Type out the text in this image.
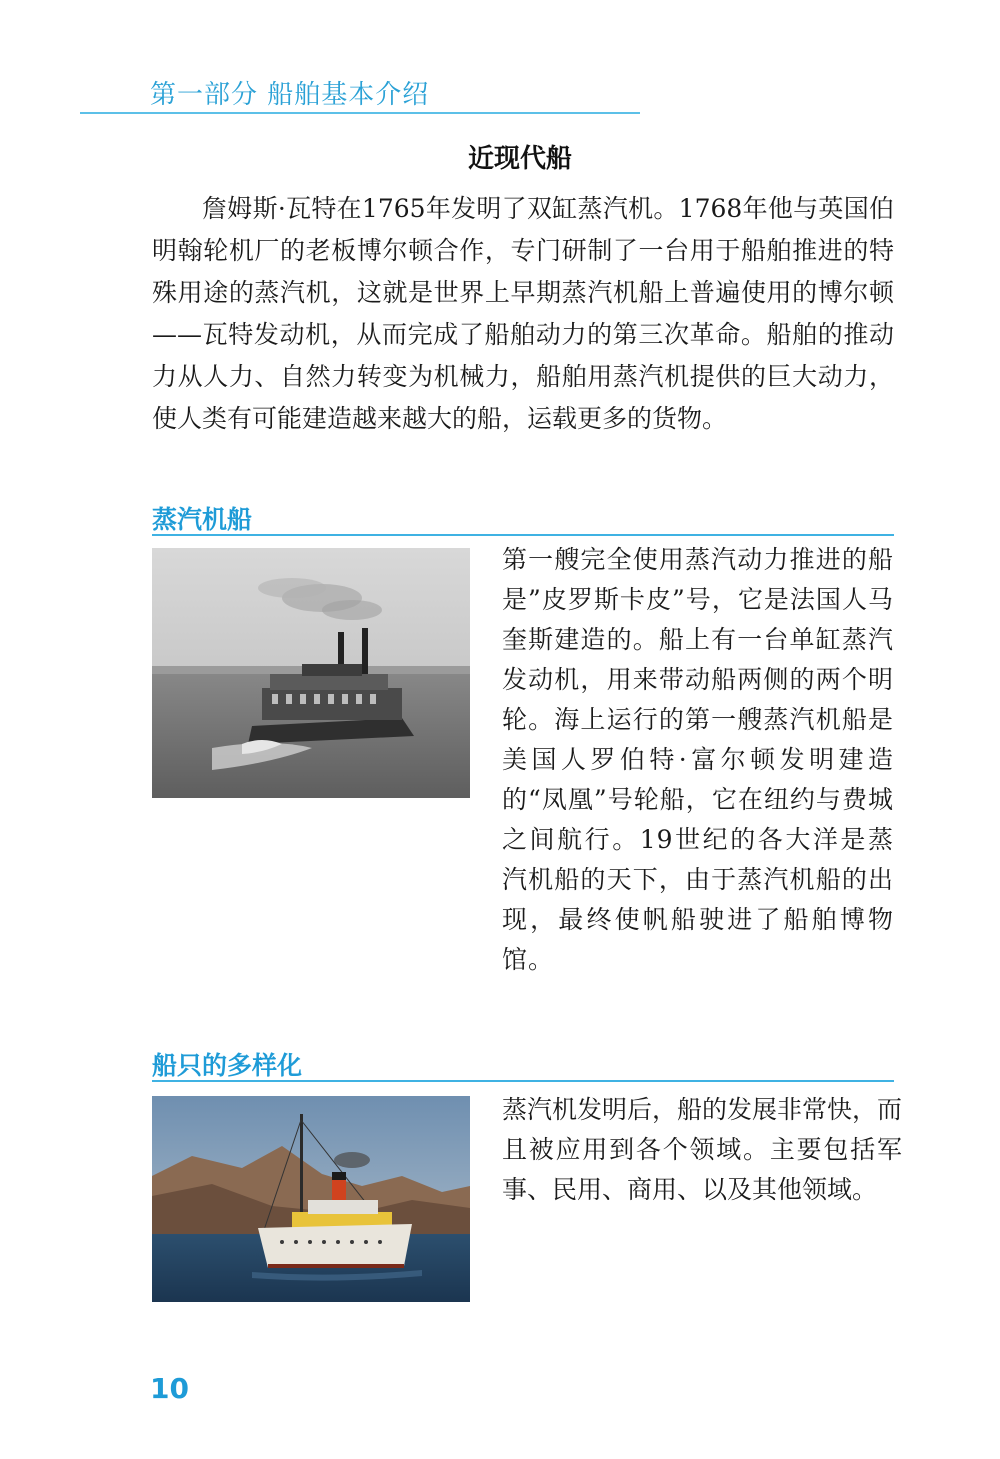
第一部分 船舶基本介绍
近现代船

詹姆斯·瓦特在1765年发明了双缸蒸汽机。1768年他与英国伯明翰轮机厂的老板博尔顿合作，专门研制了一台用于船舶推进的特殊用途的蒸汽机，这就是世界上早期蒸汽机船上普遍使用的博尔顿——瓦特发动机，从而完成了船舶动力的第三次革命。船舶的推动力从人力、自然力转变为机械力，船舶用蒸汽机提供的巨大动力，使人类有可能建造越来越大的船，运载更多的货物。

蒸汽机船

第一艘完全使用蒸汽动力推进的船是”皮罗斯卡皮”号，它是法国人马奎斯建造的。船上有一台单缸蒸汽发动机，用来带动船两侧的两个明轮。海上运行的第一艘蒸汽机船是美国人罗伯特·富尔顿发明建造的“凤凰”号轮船，它在纽约与费城之间航行。19世纪的各大洋是蒸汽机船的天下，由于蒸汽机船的出现，最终使帆船驶进了船舶博物馆。

船只的多样化

蒸汽机发明后，船的发展非常快，而且被应用到各个领域。主要包括军事、民用、商用、以及其他领域。

10
